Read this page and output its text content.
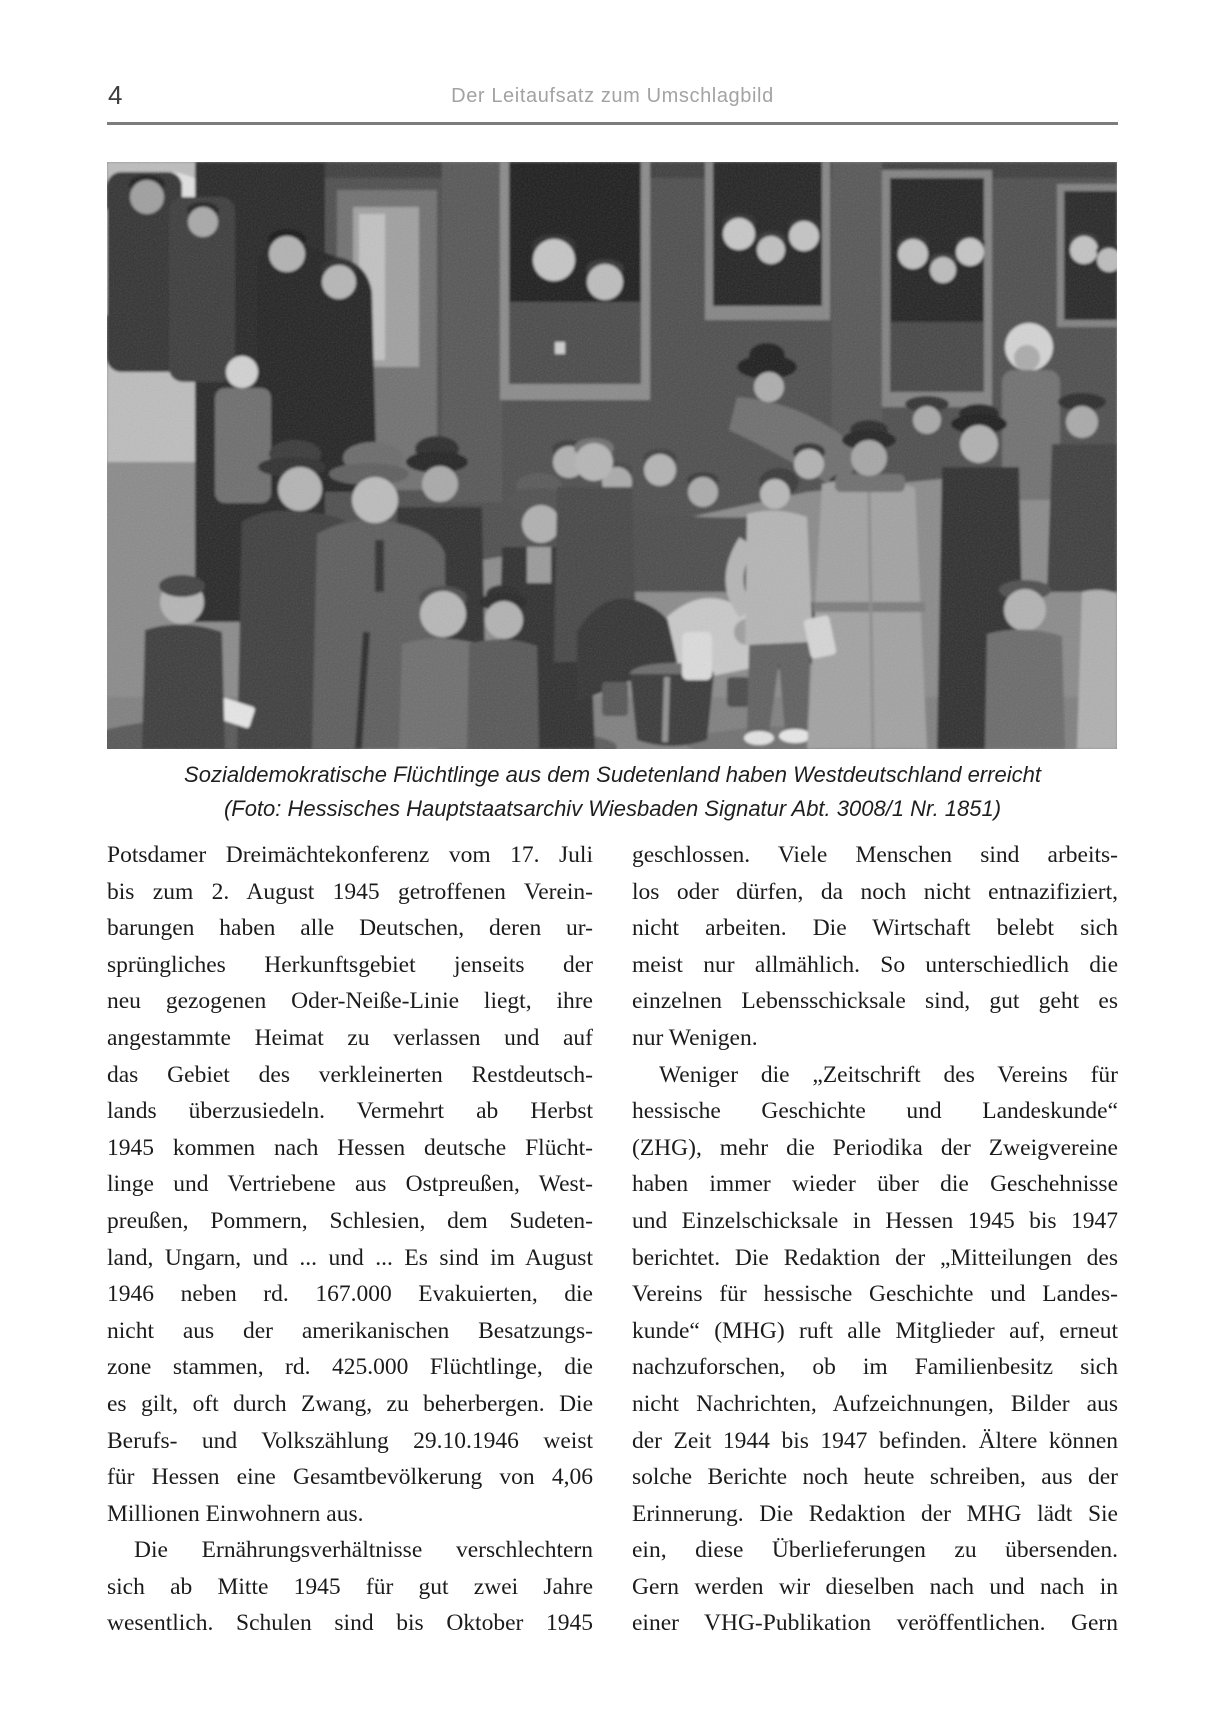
4	Der Leitaufsatz zum Umschlagbild
Sozialdemokratische Flüchtlinge aus dem Sudetenland haben Westdeutschland erreicht
(Foto: Hessisches Hauptstaatsarchiv Wiesbaden Signatur Abt. 3008/1 Nr. 1851)
Potsdamer Dreimächtekonferenz vom 17. Juli
bis zum 2. August 1945 getroffenen Verein-
barungen haben alle Deutschen, deren ur-
sprüngliches Herkunftsgebiet jenseits der
neu gezogenen Oder-Neiße-Linie liegt, ihre
angestammte Heimat zu verlassen und auf
das Gebiet des verkleinerten Restdeutsch-
lands überzusiedeln. Vermehrt ab Herbst
1945 kommen nach Hessen deutsche Flücht-
linge und Vertriebene aus Ostpreußen, West-
preußen, Pommern, Schlesien, dem Sudeten-
land, Ungarn, und ... und ... Es sind im August
1946 neben rd. 167.000 Evakuierten, die
nicht aus der amerikanischen Besatzungs-
zone stammen, rd. 425.000 Flüchtlinge, die
es gilt, oft durch Zwang, zu beherbergen. Die
Berufs- und Volkszählung 29.10.1946 weist
für Hessen eine Gesamtbevölkerung von 4,06
Millionen Einwohnern aus.
Die Ernährungsverhältnisse verschlechtern
sich ab Mitte 1945 für gut zwei Jahre
wesentlich. Schulen sind bis Oktober 1945
geschlossen. Viele Menschen sind arbeits-
los oder dürfen, da noch nicht entnazifiziert,
nicht arbeiten. Die Wirtschaft belebt sich
meist nur allmählich. So unterschiedlich die
einzelnen Lebensschicksale sind, gut geht es
nur Wenigen.
Weniger die „Zeitschrift des Vereins für
hessische Geschichte und Landeskunde“
(ZHG), mehr die Periodika der Zweigvereine
haben immer wieder über die Geschehnisse
und Einzelschicksale in Hessen 1945 bis 1947
berichtet. Die Redaktion der „Mitteilungen des
Vereins für hessische Geschichte und Landes-
kunde“ (MHG) ruft alle Mitglieder auf, erneut
nachzuforschen, ob im Familienbesitz sich
nicht Nachrichten, Aufzeichnungen, Bilder aus
der Zeit 1944 bis 1947 befinden. Ältere können
solche Berichte noch heute schreiben, aus der
Erinnerung. Die Redaktion der MHG lädt Sie
ein, diese Überlieferungen zu übersenden.
Gern werden wir dieselben nach und nach in
einer VHG-Publikation veröffentlichen. Gern
